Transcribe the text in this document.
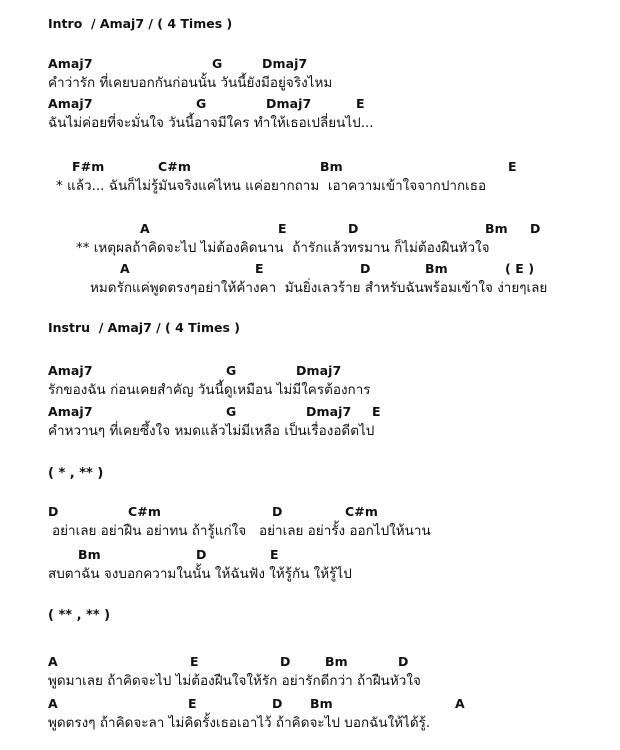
Intro  / Amaj7 / ( 4 Times )
Amaj7	G	Dmaj7
คำว่ารัก ที่เคยบอกกันก่อนนั้น วันนี้ยังมีอยู่จริงไหม
Amaj7	G	Dmaj7	E
ฉันไม่ค่อยที่จะมั่นใจ วันนี้อาจมีใคร ทำให้เธอเปลี่ยนไป...
F#m	C#m	Bm	E
* แล้ว... ฉันก็ไม่รู้มันจริงแค่ไหน แค่อยากถาม  เอาความเข้าใจจากปากเธอ
A	E	D	Bm D
** เหตุผลถ้าคิดจะไป ไม่ต้องคิดนาน  ถ้ารักแล้วทรมาน ก็ไม่ต้องฝืนหัวใจ
A	E	D	Bm	( E )
หมดรักแค่พูดตรงๆอย่าให้ค้างคา  มันยิ่งเลวร้าย สำหรับฉันพร้อมเข้าใจ ง่ายๆเลย
Instru  / Amaj7 / ( 4 Times )
Amaj7	G	Dmaj7
รักของฉัน ก่อนเคยสำคัญ วันนี้ดูเหมือน ไม่มีใครต้องการ
Amaj7	G	Dmaj7 E
คำหวานๆ ที่เคยซึ้งใจ หมดแล้วไม่มีเหลือ เป็นเรื่องอดีตไป
( * , ** )
D	C#m	D	C#m
อย่าเลย อย่าฝืน อย่าทน ถ้ารู้แก่ใจ   อย่าเลย อย่ารั้ง ออกไปให้นาน
Bm	D	E
สบตาฉัน จงบอกความในนั้น ให้ฉันฟัง ให้รู้กัน ให้รู้ไป
( ** , ** )
A	E	D	Bm	D
พูดมาเลย ถ้าคิดจะไป ไม่ต้องฝืนใจให้รัก อย่ารักดีกว่า ถ้าฝืนหัวใจ
A	E	D Bm	A
พูดตรงๆ ถ้าคิดจะลา ไม่คิดรั้งเธอเอาไว้ ถ้าคิดจะไป บอกฉันให้ได้รู้.
